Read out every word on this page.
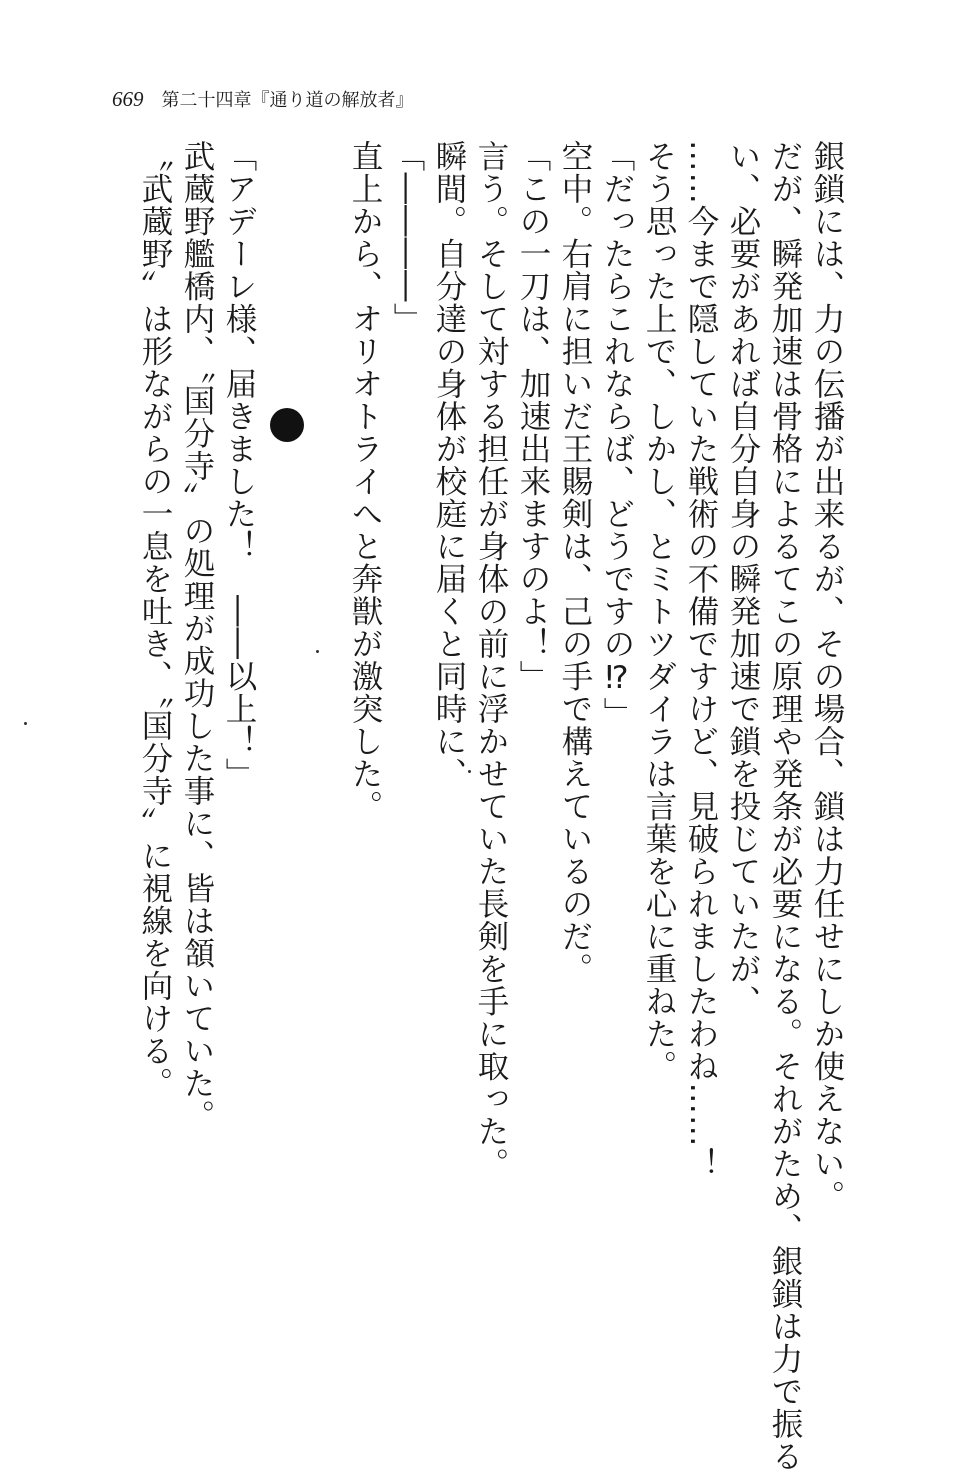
669 第二十四章『通り道の解放者』
銀鎖には、力の伝播が出来るが、その場合、鎖は力任せにしか使えない。
だが、瞬発加速は骨格によるてこの原理や発条が必要になる。それがため、銀鎖は力で振る
い、必要があれば自分自身の瞬発加速で鎖を投じていたが、
……今まで隠していた戦術の不備ですけど、見破られましたわね……！
そう思った上で、しかし、とミトツダイラは言葉を心に重ねた。
「だったらこれならば、どうですの⁉」
空中。右肩に担いだ王賜剣は、己の手で構えているのだ。
「この一刀は、加速出来ますのよ！」
言う。そして対する担任が身体の前に浮かせていた長剣を手に取った。
瞬間。自分達の身体が校庭に届くと同時に、
「――――」
直上から、オリオトライへと奔獣が激突した。
「アデーレ様、届きました！　――以上！」
武蔵野艦橋内、〝国分寺〟の処理が成功した事に、皆は頷いていた。
〝武蔵野〟は形ながらの一息を吐き、〝国分寺〟に視線を向ける。
